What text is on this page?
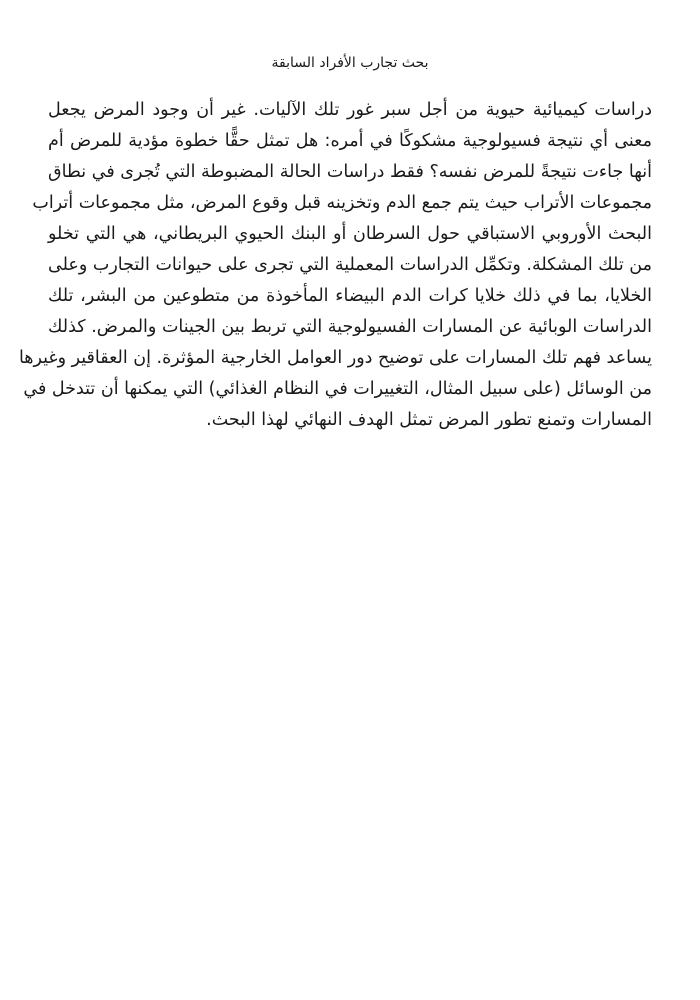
بحث تجارب الأفراد السابقة
دراسات كيميائية حيوية من أجل سبر غور تلك الآليات. غير أن وجود المرض يجعل
معنى أي نتيجة فسيولوجية مشكوكًا في أمره: هل تمثل حقًّا خطوة مؤدية للمرض أم
أنها جاءت نتيجةً للمرض نفسه؟ فقط دراسات الحالة المضبوطة التي تُجرى في نطاق
مجموعات الأتراب حيث يتم جمع الدم وتخزينه قبل وقوع المرض، مثل مجموعات أتراب
البحث الأوروبي الاستباقي حول السرطان أو البنك الحيوي البريطاني، هي التي تخلو
من تلك المشكلة. وتكمِّل الدراسات المعملية التي تجرى على حيوانات التجارب وعلى
الخلايا، بما في ذلك خلايا كرات الدم البيضاء المأخوذة من متطوعين من البشر، تلك
الدراسات الوبائية عن المسارات الفسيولوجية التي تربط بين الجينات والمرض. كذلك
يساعد فهم تلك المسارات على توضيح دور العوامل الخارجية المؤثرة. إن العقاقير وغيرها
من الوسائل (على سبيل المثال، التغييرات في النظام الغذائي) التي يمكنها أن تتدخل في
المسارات وتمنع تطور المرض تمثل الهدف النهائي لهذا البحث.
